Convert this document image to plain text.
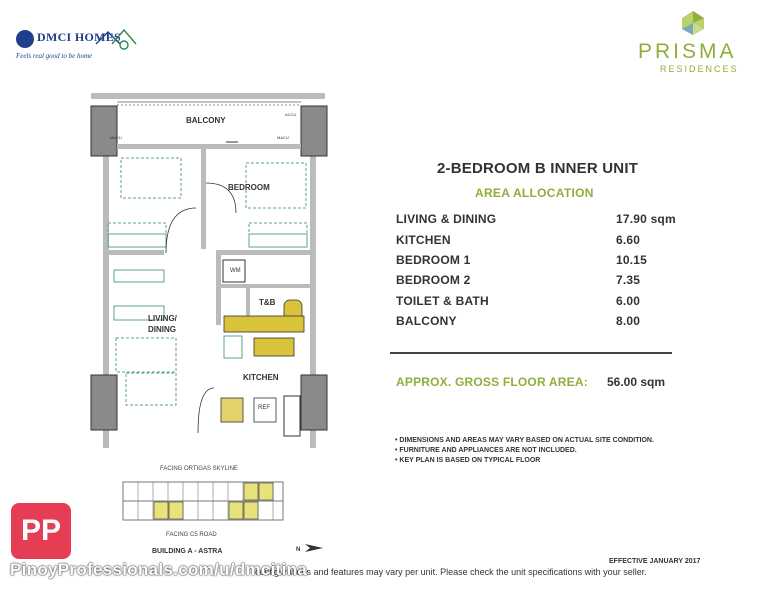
DMCI HOMES
Feels real good to be home	PRISMA
RESIDENCES
BALCONY
BEDROOM
LIVING/
DINING
T&B
KITCHEN
WM
REF
MACU	MACU
ACCU
FACING ORTIGAS SKYLINE
FACING C5 ROAD
BUILDING A - ASTRA	N
2-BEDROOM B INNER UNIT
AREA ALLOCATION
LIVING & DINING	17.90 sqm
KITCHEN	6.60
BEDROOM 1	10.15
BEDROOM 2	7.35
TOILET & BATH	6.00
BALCONY	8.00
APPROX. GROSS FLOOR AREA: 56.00 sqm
• DIMENSIONS AND AREAS MAY VARY BASED ON ACTUAL SITE CONDITION.
• FURNITURE AND APPLIANCES ARE NOT INCLUDED.
• KEY PLAN IS BASED ON TYPICAL FLOOR
EFFECTIVE JANUARY 2017
configurations and features may vary per unit. Please check the unit specifications with your seller.
PP
PinoyProfessionals.com/u/dmcitina
